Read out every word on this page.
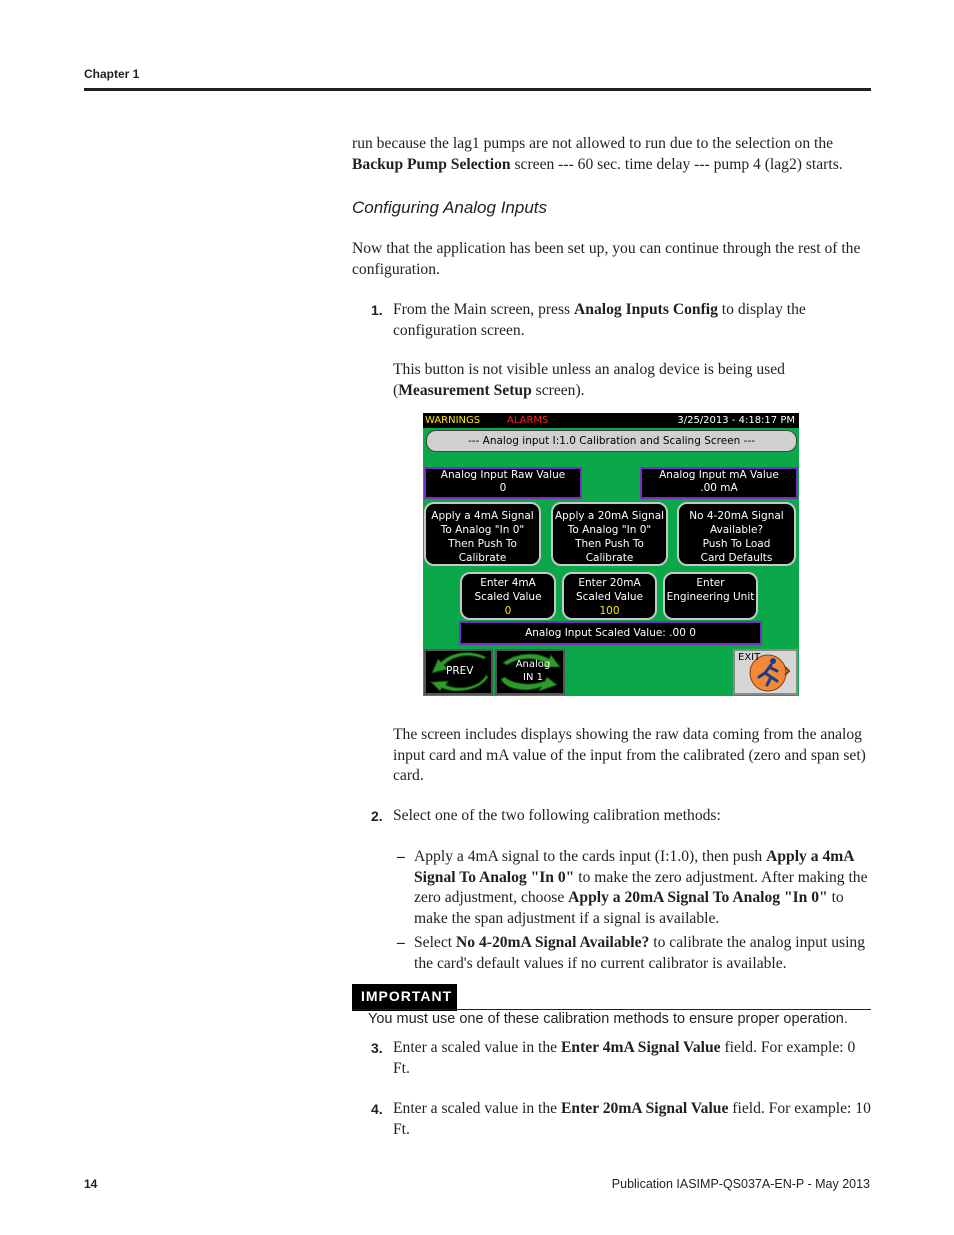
Chapter 1
run because the lag1 pumps are not allowed to run due to the selection on the
Backup Pump Selection screen --- 60 sec. time delay --- pump 4 (lag2) starts.
Configuring Analog Inputs
Now that the application has been set up, you can continue through the rest of the configuration.
1. From the Main screen, press Analog Inputs Config to display the configuration screen.
This button is not visible unless an analog device is being used (Measurement Setup screen).
WARNINGS	ALARMS	3/25/2013 - 4:18:17 PM
--- Analog input I:1.0 Calibration and Scaling Screen ---
Analog Input Raw Value
0
Analog Input mA Value
.00 mA
Apply a 4mA Signal
To Analog "In 0"
Then Push To
Calibrate
Apply a 20mA Signal
To Analog "In 0"
Then Push To
Calibrate
No 4-20mA Signal
Available?
Push To Load
Card Defaults
Enter 4mA
Scaled Value
0
Enter 20mA
Scaled Value
100
Enter
Engineering Unit
Analog Input Scaled Value: .00 0
PREV
Analog
IN 1
EXIT
The screen includes displays showing the raw data coming from the analog input card and mA value of the input from the calibrated (zero and span set) card.
2. Select one of the two following calibration methods:
– Apply a 4mA signal to the cards input (I:1.0), then push Apply a 4mA Signal To Analog "In 0" to make the zero adjustment. After making the zero adjustment, choose Apply a 20mA Signal To Analog "In 0" to make the span adjustment if a signal is available.
– Select No 4-20mA Signal Available? to calibrate the analog input using the card's default values if no current calibrator is available.
IMPORTANT
You must use one of these calibration methods to ensure proper operation.
3. Enter a scaled value in the Enter 4mA Signal Value field. For example: 0 Ft.
4. Enter a scaled value in the Enter 20mA Signal Value field. For example: 10 Ft.
14	Publication IASIMP-QS037A-EN-P - May 2013
